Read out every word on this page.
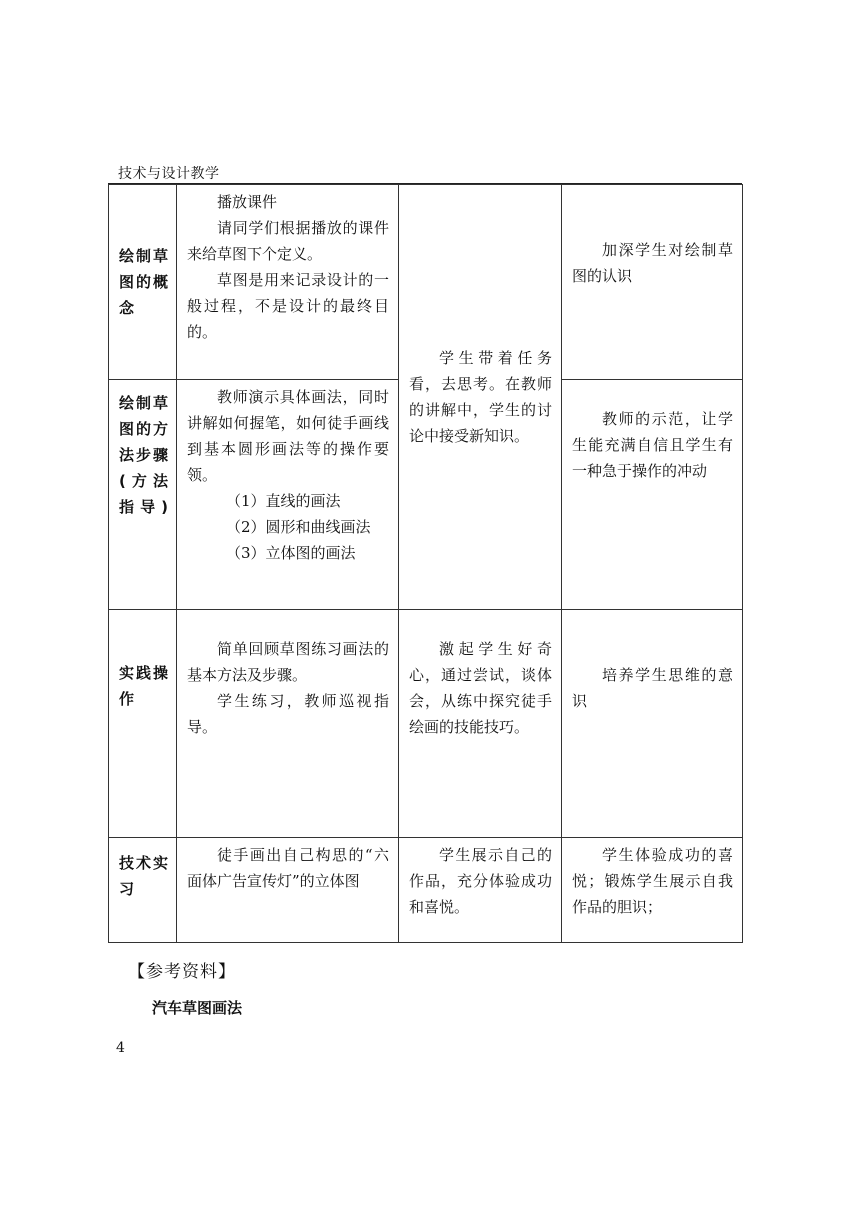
技术与设计教学
绘制草图的概念	播放课件

请同学们根据播放的课件来给草图下个定义。

草图是用来记录设计的一般过程，不是设计的最终目的。	学生带着任务看，去思考。在教师的讲解中，学生的讨论中接受新知识。	加深学生对绘制草图的认识

绘制草图的方法步骤(方法指导)	教师演示具体画法，同时讲解如何握笔，如何徒手画线到基本圆形画法等的操作要领。

（1）直线的画法

（2）圆形和曲线画法

（3）立体图的画法		教师的示范，让学生能充满自信且学生有一种急于操作的冲动

实践操作	简单回顾草图练习画法的基本方法及步骤。

学生练习，教师巡视指导。	激起学生好奇心，通过尝试，谈体会，从练中探究徒手绘画的技能技巧。	培养学生思维的意识

技术实习	徒手画出自己构思的“六面体广告宣传灯”的立体图	学生展示自己的作品，充分体验成功和喜悦。	学生体验成功的喜悦；锻炼学生展示自我作品的胆识；

【参考资料】
汽车草图画法
4
